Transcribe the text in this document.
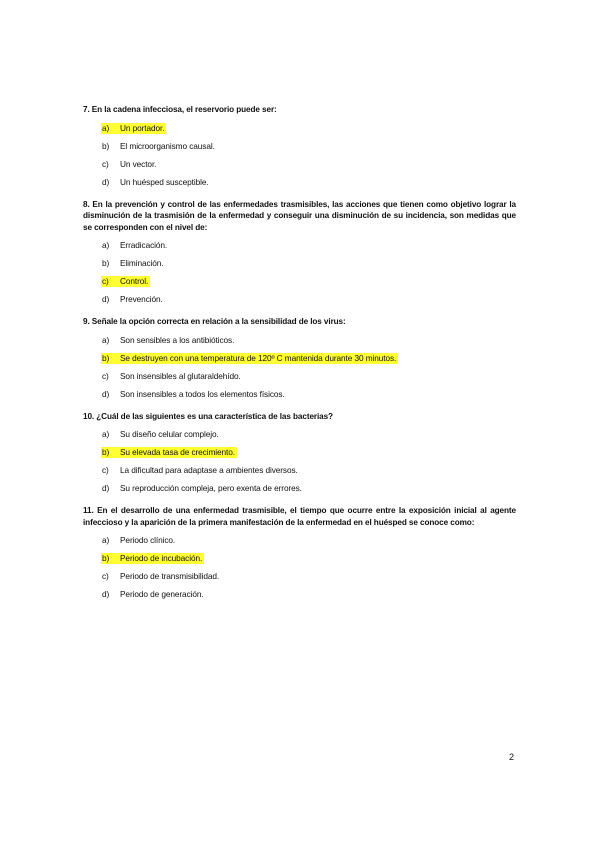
7. En la cadena infecciosa, el reservorio puede ser:
a) Un portador.
b) El microorganismo causal.
c) Un vector.
d) Un huésped susceptible.
8. En la prevención y control de las enfermedades trasmisibles, las acciones que tienen como objetivo lograr la disminución de la trasmisión de la enfermedad y conseguir una disminución de su incidencia, son medidas que se corresponden con el nivel de:
a) Erradicación.
b) Eliminación.
c) Control.
d) Prevención.
9. Señale la opción correcta en relación a la sensibilidad de los virus:
a) Son sensibles a los antibióticos.
b) Se destruyen con una temperatura de 120º C mantenida durante 30 minutos.
c) Son insensibles al glutaraldehído.
d) Son insensibles a todos los elementos físicos.
10. ¿Cuál de las siguientes es una característica de las bacterias?
a) Su diseño celular complejo.
b) Su elevada tasa de crecimiento.
c) La dificultad para adaptase a ambientes diversos.
d) Su reproducción compleja, pero exenta de errores.
11. En el desarrollo de una enfermedad trasmisible, el tiempo que ocurre entre la exposición inicial al agente infeccioso y la aparición de la primera manifestación de la enfermedad en el huésped se conoce como:
a) Periodo clínico.
b) Periodo de incubación.
c) Periodo de transmisibilidad.
d) Periodo de generación.
2
